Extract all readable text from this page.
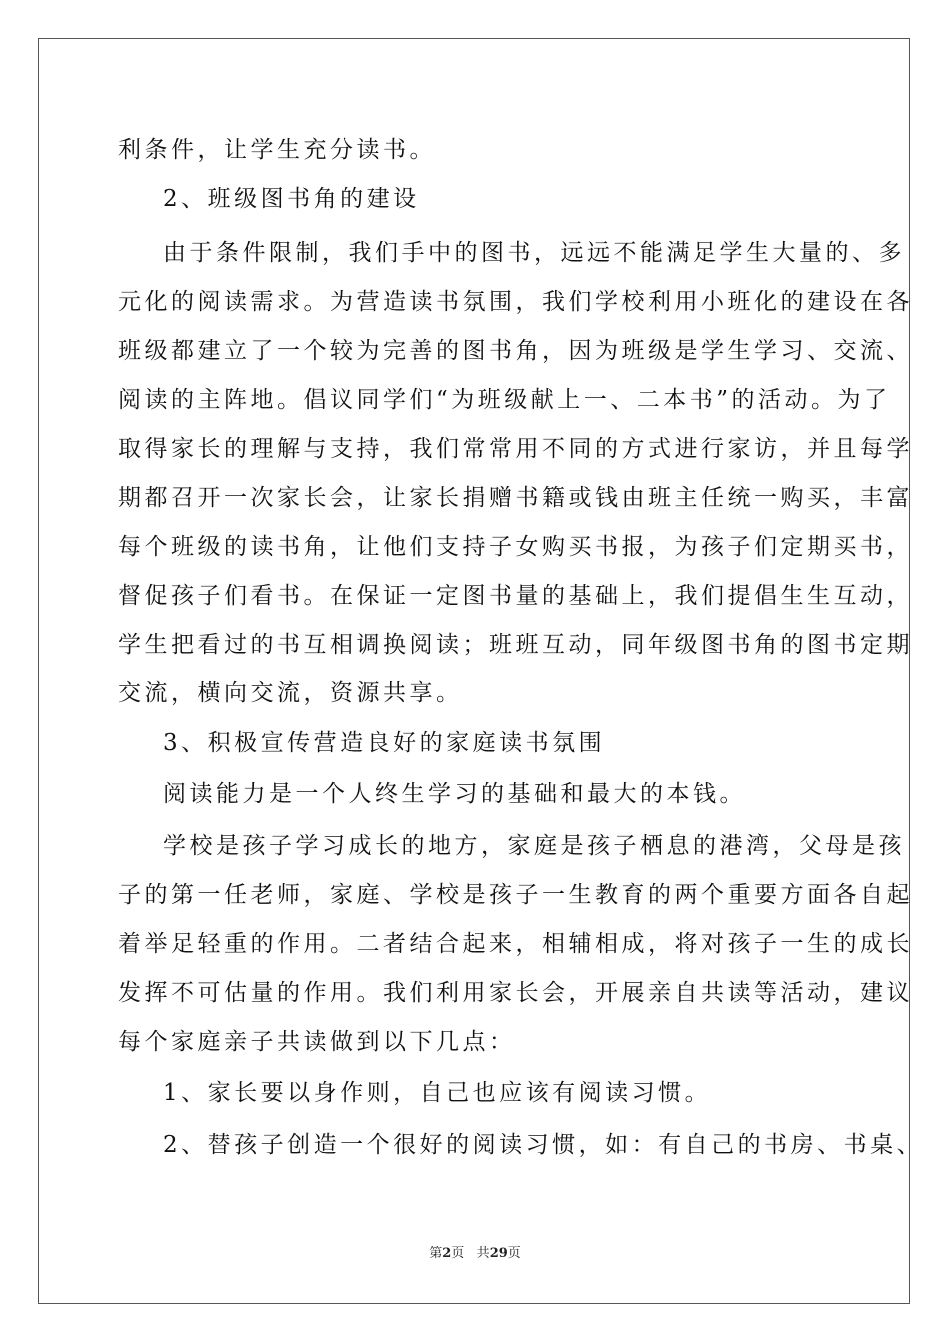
利条件，让学生充分读书。
2、班级图书角的建设
由于条件限制，我们手中的图书，远远不能满足学生大量的、多
元化的阅读需求。为营造读书氛围，我们学校利用小班化的建设在各
班级都建立了一个较为完善的图书角，因为班级是学生学习、交流、
阅读的主阵地。倡议同学们“为班级献上一、二本书”的活动。为了
取得家长的理解与支持，我们常常用不同的方式进行家访，并且每学
期都召开一次家长会，让家长捐赠书籍或钱由班主任统一购买，丰富
每个班级的读书角，让他们支持子女购买书报，为孩子们定期买书，
督促孩子们看书。在保证一定图书量的基础上，我们提倡生生互动，
学生把看过的书互相调换阅读；班班互动，同年级图书角的图书定期
交流，横向交流，资源共享。
3、积极宣传营造良好的家庭读书氛围
阅读能力是一个人终生学习的基础和最大的本钱。
学校是孩子学习成长的地方，家庭是孩子栖息的港湾，父母是孩
子的第一任老师，家庭、学校是孩子一生教育的两个重要方面各自起
着举足轻重的作用。二者结合起来，相辅相成，将对孩子一生的成长
发挥不可估量的作用。我们利用家长会，开展亲自共读等活动，建议
每个家庭亲子共读做到以下几点：
1、家长要以身作则，自己也应该有阅读习惯。
2、替孩子创造一个很好的阅读习惯，如：有自己的书房、书桌、
第2页 共29页
